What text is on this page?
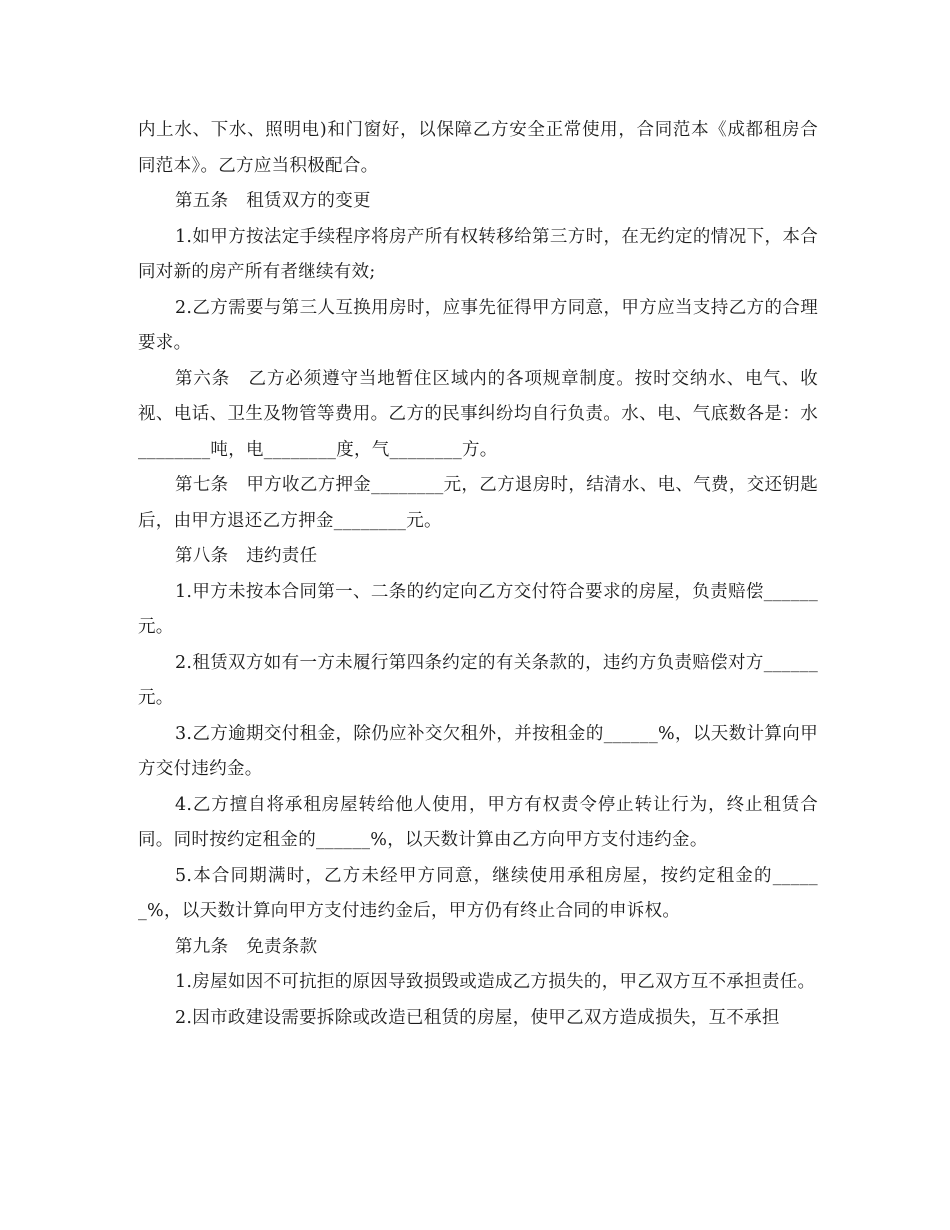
内上水、下水、照明电)和门窗好，以保障乙方安全正常使用，合同范本《成都租房合同范本》。乙方应当积极配合。

第五条　租赁双方的变更

1.如甲方按法定手续程序将房产所有权转移给第三方时，在无约定的情况下，本合同对新的房产所有者继续有效;

2.乙方需要与第三人互换用房时，应事先征得甲方同意，甲方应当支持乙方的合理要求。

第六条　乙方必须遵守当地暂住区域内的各项规章制度。按时交纳水、电气、收视、电话、卫生及物管等费用。乙方的民事纠纷均自行负责。水、电、气底数各是：水________吨，电________度，气________方。

第七条　甲方收乙方押金________元，乙方退房时，结清水、电、气费，交还钥匙后，由甲方退还乙方押金________元。

第八条　违约责任

1.甲方未按本合同第一、二条的约定向乙方交付符合要求的房屋，负责赔偿______元。

2.租赁双方如有一方未履行第四条约定的有关条款的，违约方负责赔偿对方______元。

3.乙方逾期交付租金，除仍应补交欠租外，并按租金的______%，以天数计算向甲方交付违约金。

4.乙方擅自将承租房屋转给他人使用，甲方有权责令停止转让行为，终止租赁合同。同时按约定租金的______%，以天数计算由乙方向甲方支付违约金。

5.本合同期满时，乙方未经甲方同意，继续使用承租房屋，按约定租金的______%，以天数计算向甲方支付违约金后，甲方仍有终止合同的申诉权。

第九条　免责条款

1.房屋如因不可抗拒的原因导致损毁或造成乙方损失的，甲乙双方互不承担责任。

2.因市政建设需要拆除或改造已租赁的房屋，使甲乙双方造成损失，互不承担
